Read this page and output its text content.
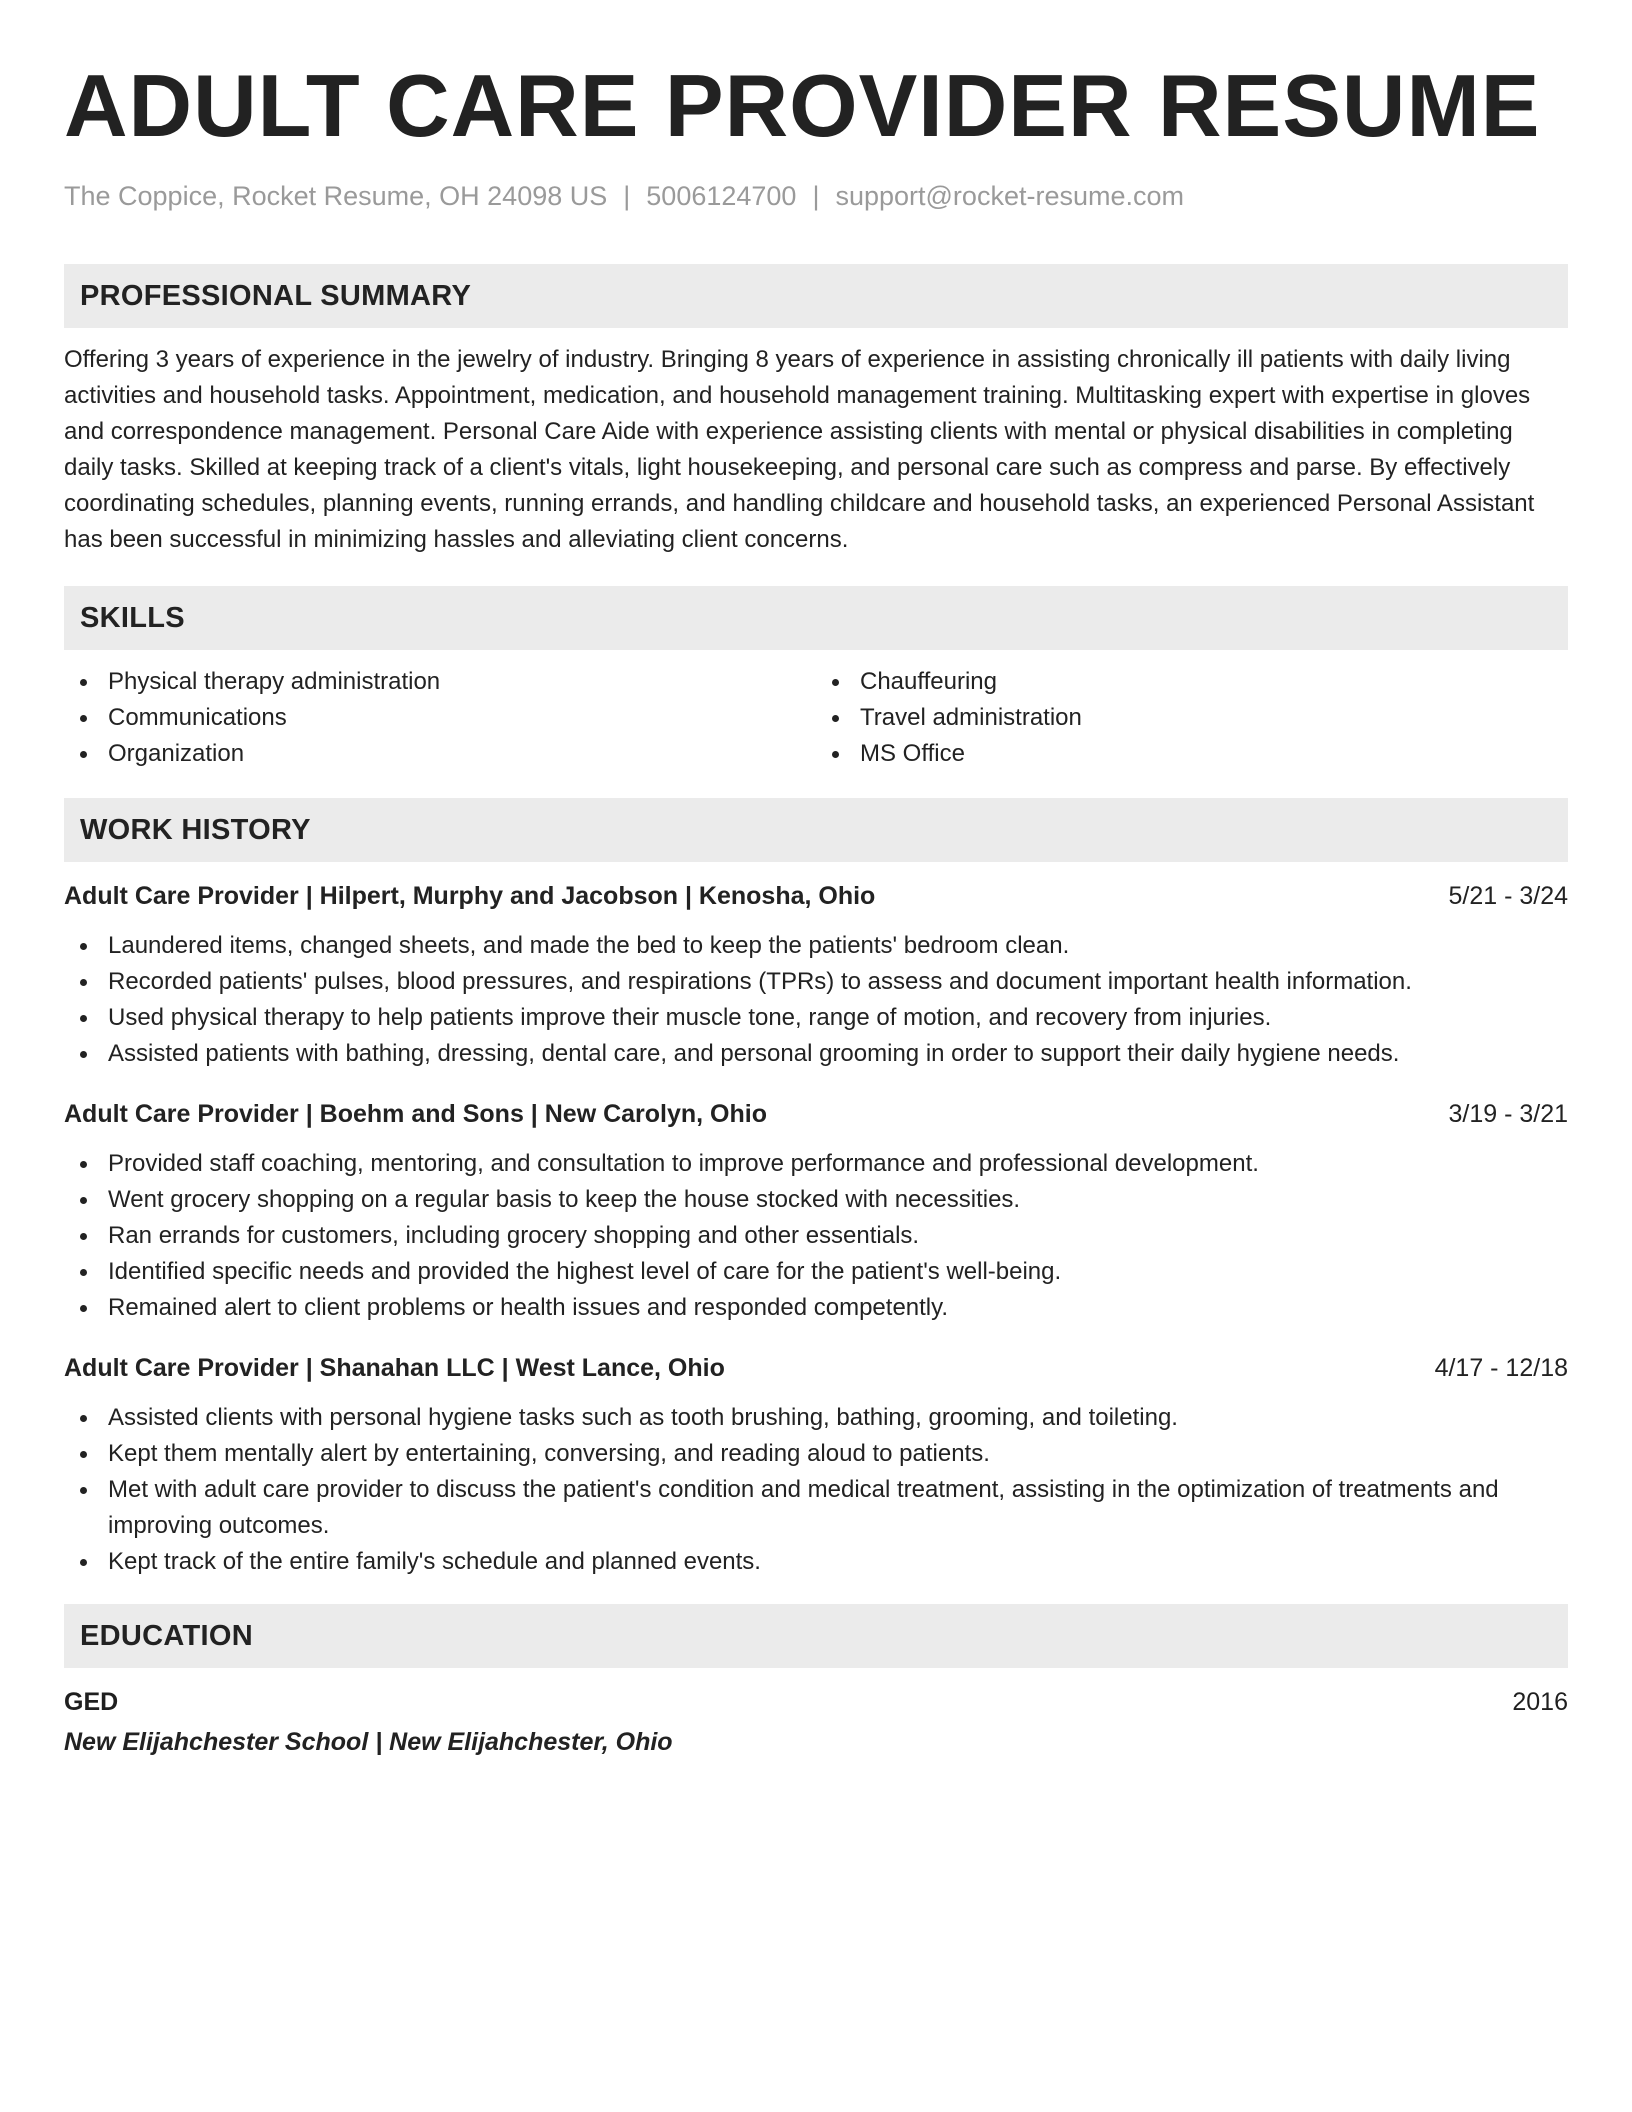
ADULT CARE PROVIDER RESUME
The Coppice, Rocket Resume, OH 24098 US | 5006124700 | support@rocket-resume.com
PROFESSIONAL SUMMARY
Offering 3 years of experience in the jewelry of industry. Bringing 8 years of experience in assisting chronically ill patients with daily living activities and household tasks. Appointment, medication, and household management training. Multitasking expert with expertise in gloves and correspondence management. Personal Care Aide with experience assisting clients with mental or physical disabilities in completing daily tasks. Skilled at keeping track of a client's vitals, light housekeeping, and personal care such as compress and parse. By effectively coordinating schedules, planning events, running errands, and handling childcare and household tasks, an experienced Personal Assistant has been successful in minimizing hassles and alleviating client concerns.
SKILLS
Physical therapy administration
Communications
Organization
Chauffeuring
Travel administration
MS Office
WORK HISTORY
Adult Care Provider | Hilpert, Murphy and Jacobson | Kenosha, Ohio	5/21 - 3/24
Laundered items, changed sheets, and made the bed to keep the patients' bedroom clean.
Recorded patients' pulses, blood pressures, and respirations (TPRs) to assess and document important health information.
Used physical therapy to help patients improve their muscle tone, range of motion, and recovery from injuries.
Assisted patients with bathing, dressing, dental care, and personal grooming in order to support their daily hygiene needs.
Adult Care Provider | Boehm and Sons | New Carolyn, Ohio	3/19 - 3/21
Provided staff coaching, mentoring, and consultation to improve performance and professional development.
Went grocery shopping on a regular basis to keep the house stocked with necessities.
Ran errands for customers, including grocery shopping and other essentials.
Identified specific needs and provided the highest level of care for the patient's well-being.
Remained alert to client problems or health issues and responded competently.
Adult Care Provider | Shanahan LLC | West Lance, Ohio	4/17 - 12/18
Assisted clients with personal hygiene tasks such as tooth brushing, bathing, grooming, and toileting.
Kept them mentally alert by entertaining, conversing, and reading aloud to patients.
Met with adult care provider to discuss the patient's condition and medical treatment, assisting in the optimization of treatments and improving outcomes.
Kept track of the entire family's schedule and planned events.
EDUCATION
GED	2016
New Elijahchester School | New Elijahchester, Ohio
